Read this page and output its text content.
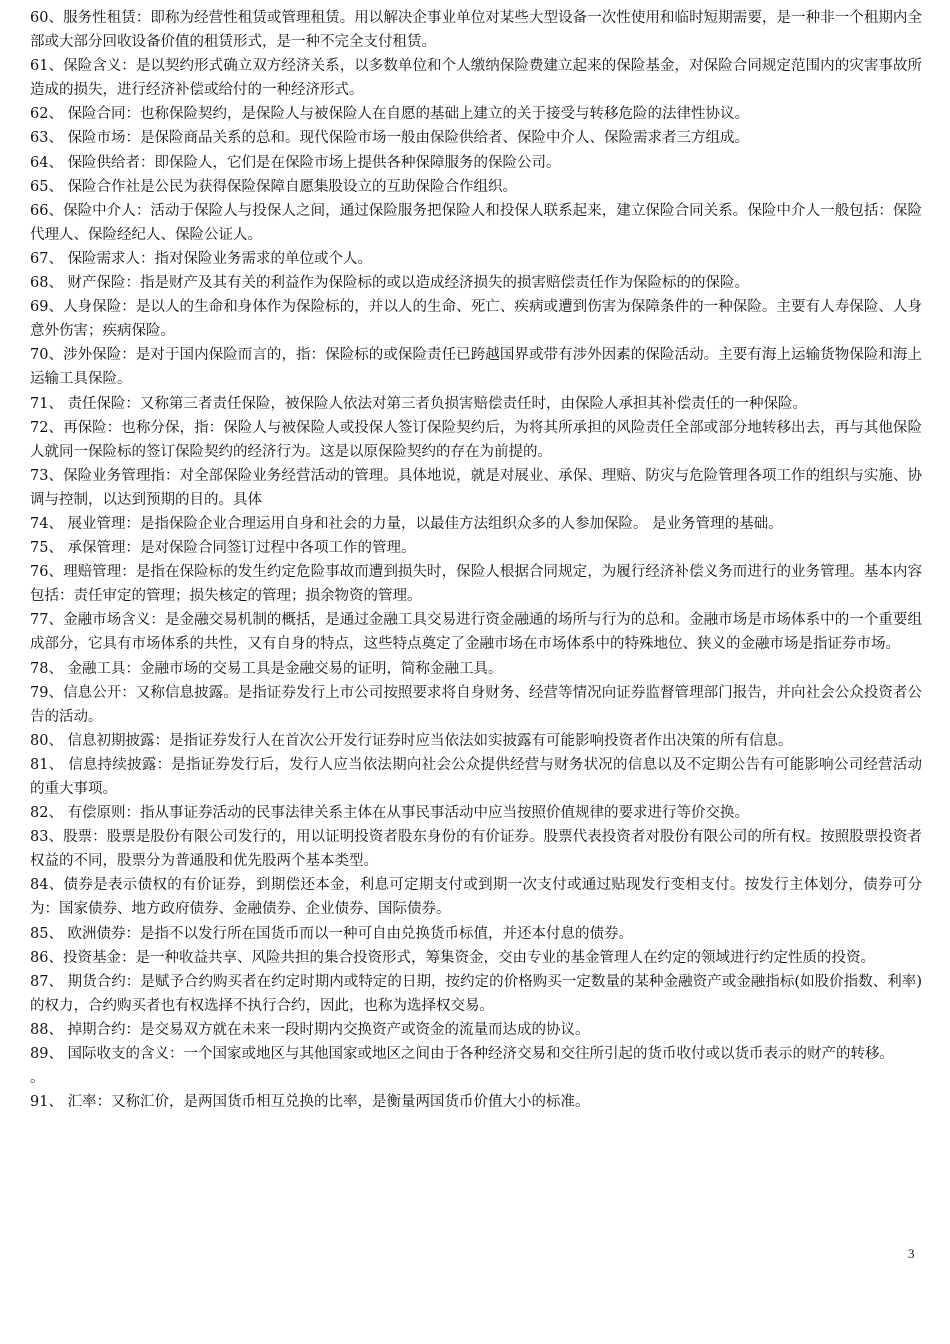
60、服务性租赁：即称为经营性租赁或管理租赁。用以解决企事业单位对某些大型设备一次性使用和临时短期需要，是一种非一个租期内全部或大部分回收设备价值的租赁形式，是一种不完全支付租赁。

61、保险含义：是以契约形式确立双方经济关系，以多数单位和个人缴纳保险费建立起来的保险基金，对保险合同规定范围内的灾害事故所造成的损失，进行经济补偿或给付的一种经济形式。

62、 保险合同：也称保险契约，是保险人与被保险人在自愿的基础上建立的关于接受与转移危险的法律性协议。

63、 保险市场：是保险商品关系的总和。现代保险市场一般由保险供给者、保险中介人、保险需求者三方组成。

64、 保险供给者：即保险人，它们是在保险市场上提供各种保障服务的保险公司。

65、 保险合作社是公民为获得保险保障自愿集股设立的互助保险合作组织。

66、保险中介人：活动于保险人与投保人之间，通过保险服务把保险人和投保人联系起来，建立保险合同关系。保险中介人一般包括：保险代理人、保险经纪人、保险公证人。

67、 保险需求人：指对保险业务需求的单位或个人。

68、 财产保险：指是财产及其有关的利益作为保险标的或以造成经济损失的损害赔偿责任作为保险标的的保险。

69、人身保险：是以人的生命和身体作为保险标的，并以人的生命、死亡、疾病或遭到伤害为保障条件的一种保险。主要有人寿保险、人身意外伤害；疾病保险。

70、涉外保险：是对于国内保险而言的，指：保险标的或保险责任已跨越国界或带有涉外因素的保险活动。主要有海上运输货物保险和海上运输工具保险。

71、 责任保险：又称第三者责任保险，被保险人依法对第三者负损害赔偿责任时，由保险人承担其补偿责任的一种保险。

72、再保险：也称分保，指：保险人与被保险人或投保人签订保险契约后，为将其所承担的风险责任全部或部分地转移出去，再与其他保险人就同一保险标的签订保险契约的经济行为。这是以原保险契约的存在为前提的。

73、保险业务管理指：对全部保险业务经营活动的管理。具体地说，就是对展业、承保、理赔、防灾与危险管理各项工作的组织与实施、协调与控制，以达到预期的目的。具体

74、 展业管理：是指保险企业合理运用自身和社会的力量，以最佳方法组织众多的人参加保险。 是业务管理的基础。

75、 承保管理：是对保险合同签订过程中各项工作的管理。

76、理赔管理：是指在保险标的发生约定危险事故而遭到损失时，保险人根据合同规定，为履行经济补偿义务而进行的业务管理。基本内容包括：责任审定的管理；损失核定的管理；损余物资的管理。

77、金融市场含义：是金融交易机制的概括，是通过金融工具交易进行资金融通的场所与行为的总和。金融市场是市场体系中的一个重要组成部分，它具有市场体系的共性，又有自身的特点，这些特点奠定了金融市场在市场体系中的特殊地位、狭义的金融市场是指证券市场。

78、 金融工具：金融市场的交易工具是金融交易的证明，简称金融工具。

79、信息公开：又称信息披露。是指证券发行上市公司按照要求将自身财务、经营等情况向证券监督管理部门报告，并向社会公众投资者公告的活动。

80、 信息初期披露：是指证券发行人在首次公开发行证券时应当依法如实披露有可能影响投资者作出决策的所有信息。

81、 信息持续披露：是指证券发行后，发行人应当依法期向社会公众提供经营与财务状况的信息以及不定期公告有可能影响公司经营活动的重大事项。

82、 有偿原则：指从事证券活动的民事法律关系主体在从事民事活动中应当按照价值规律的要求进行等价交换。

83、股票：股票是股份有限公司发行的，用以证明投资者股东身份的有价证券。股票代表投资者对股份有限公司的所有权。按照股票投资者权益的不同，股票分为普通股和优先股两个基本类型。

84、债券是表示债权的有价证券，到期偿还本金，利息可定期支付或到期一次支付或通过贴现发行变相支付。按发行主体划分，债券可分为：国家债券、地方政府债券、金融债券、企业债券、国际债券。

85、 欧洲债券：是指不以发行所在国货币而以一种可自由兑换货币标值，并还本付息的债券。

86、投资基金：是一种收益共享、风险共担的集合投资形式，筹集资金，交由专业的基金管理人在约定的领域进行约定性质的投资。

87、 期货合约：是赋予合约购买者在约定时期内或特定的日期，按约定的价格购买一定数量的某种金融资产或金融指标(如股价指数、利率)的权力，合约购买者也有权选择不执行合约，因此，也称为选择权交易。

88、 掉期合约：是交易双方就在未来一段时期内交换资产或资金的流量而达成的协议。

89、 国际收支的含义：一个国家或地区与其他国家或地区之间由于各种经济交易和交往所引起的货币收付或以货币表示的财产的转移。

。

91、 汇率：又称汇价，是两国货币相互兑换的比率，是衡量两国货币价值大小的标准。

3
